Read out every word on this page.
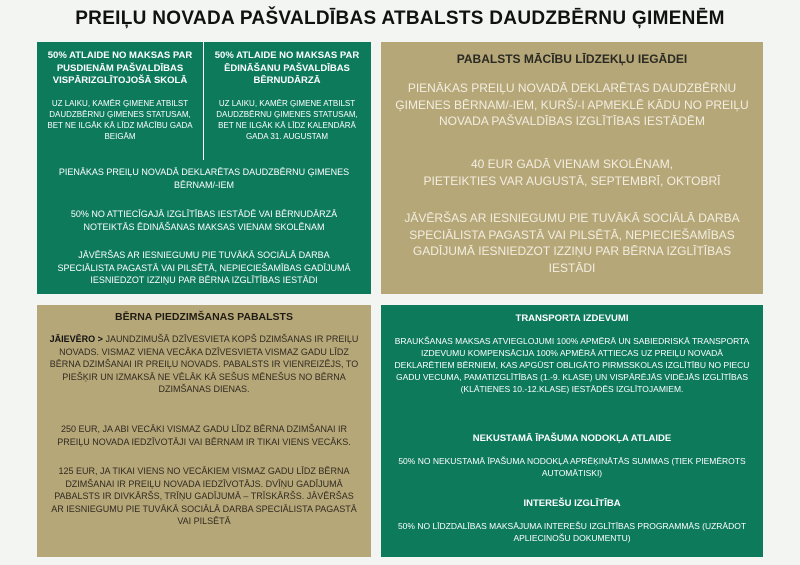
PREIĻU NOVADA PAŠVALDĪBAS ATBALSTS DAUDZBĒRNU ĢIMENĒM
50% ATLAIDE NO MAKSAS PAR PUSDIENĀM PAŠVALDĪBAS VISPĀRIZGLĪTOJOŠĀ SKOLĀ

UZ LAIKU, KAMĒR ĢIMENE ATBILST DAUDZBĒRNU ĢIMENES STATUSAM, BET NE ILGĀK KĀ LĪDZ MĀCĪBU GADA BEIGĀM

50% ATLAIDE NO MAKSAS PAR ĒDINĀŠANU PAŠVALDĪBAS BĒRNUDĀRZĀ

UZ LAIKU, KAMĒR ĢIMENE ATBILST DAUDZBĒRNU ĢIMENES STATUSAM, BET NE ILGĀK KĀ LĪDZ KALENDĀRĀ GADA 31. AUGUSTAM

PIENĀKAS PREIĻU NOVADĀ DEKLARĒTAS DAUDZBĒRNU ĢIMENES BĒRNAM/-IEM
50% NO ATTIECĪGAJĀ IZGLĪTĪBAS IESTĀDĒ VAI BĒRNUDĀRZĀ NOTEIKTĀS ĒDINĀŠANAS MAKSAS VIENAM SKOLĒNAM
JĀVĒRŠAS AR IESNIEGUMU PIE TUVĀKĀ SOCIĀLĀ DARBA SPECIĀLISTA PAGASTĀ VAI PILSĒTĀ, NEPIECIEŠAMĪBAS GADĪJUMĀ IESNIEDZOT IZZIŅU PAR BĒRNA IZGLĪTĪBAS IESTĀDI
PABALSTS MĀCĪBU LĪDZEKĻU IEGĀDEI
PIENĀKAS PREIĻU NOVADĀ DEKLARĒTAS DAUDZBĒRNU ĢIMENES BĒRNAM/-IEM, KURŠ/-I APMEKLĒ KĀDU NO PREIĻU NOVADA PAŠVALDĪBAS IZGLĪTĪBAS IESTĀDĒM
40 EUR GADĀ VIENAM SKOLĒNAM,
PIETEIKTIES VAR AUGUSTĀ, SEPTEMBRĪ, OKTOBRĪ
JĀVĒRŠAS AR IESNIEGUMU PIE TUVĀKĀ SOCIĀLĀ DARBA SPECIĀLISTA PAGASTĀ VAI PILSĒTĀ, NEPIECIEŠAMĪBAS GADĪJUMĀ IESNIEDZOT IZZIŅU PAR BĒRNA IZGLĪTĪBAS IESTĀDI
BĒRNA PIEDZIMŠANAS PABALSTS
JĀIEVĒRO > JAUNDZIMUŠĀ DZĪVESVIETA KOPŠ DZIMŠANAS IR PREIĻU NOVADS. VISMAZ VIENA VECĀKA DZĪVESVIETA VISMAZ GADU LĪDZ BĒRNA DZIMŠANAI IR PREIĻU NOVADS. PABALSTS IR VIENREIZĒJS, TO PIEŠĶIR UN IZMAKSĀ NE VĒLĀK KĀ SEŠUS MĒNEŠUS NO BĒRNA DZIMŠANAS DIENAS.
250 EUR, JA ABI VECĀKI VISMAZ GADU LĪDZ BĒRNA DZIMŠANAI IR PREIĻU NOVADA IEDZĪVOTĀJI VAI BĒRNAM IR TIKAI VIENS VECĀKS.
125 EUR, JA TIKAI VIENS NO VECĀKIEM VISMAZ GADU LĪDZ BĒRNA DZIMŠANAI IR PREIĻU NOVADA IEDZĪVOTĀJS. DVĪŅU GADĪJUMĀ PABALSTS IR DIVKĀRŠS, TRĪŅU GADĪJUMĀ – TRĪSKĀRŠS. JĀVĒRŠAS AR IESNIEGUMU PIE TUVĀKĀ SOCIĀLĀ DARBA SPECIĀLISTA PAGASTĀ VAI PILSĒTĀ
TRANSPORTA IZDEVUMI
BRAUKŠANAS MAKSAS ATVIEGLOJUMI 100% APMĒRĀ UN SABIEDRISKĀ TRANSPORTA IZDEVUMU KOMPENSĀCIJA 100% APMĒRĀ ATTIECAS UZ PREIĻU NOVADĀ DEKLARĒTIEM BĒRNIEM, KAS APGŪST OBLIGĀTO PIRMSSKOLAS IZGLĪTĪBU NO PIECU GADU VECUMA, PAMATIZGLĪTĪBAS (1.-9. KLASE) UN VISPĀRĒJĀS VIDĒJĀS IZGLĪTĪBAS (KLĀTIENES 10.-12.KLASE) IESTĀDĒS IZGLĪTOJAMIEM.
NEKUSTAMĀ ĪPAŠUMA NODOKĻA ATLAIDE
50% NO NEKUSTAMĀ ĪPAŠUMA NODOKĻA APRĒĶINĀTĀS SUMMAS (TIEK PIEMĒROTS AUTOMĀTISKI)
INTEREŠU IZGLĪTĪBA
50% NO LĪDZDALĪBAS MAKSĀJUMA INTEREŠU IZGLĪTĪBAS PROGRAMMĀS (UZRĀDOT APLIECINOŠU DOKUMENTU)
